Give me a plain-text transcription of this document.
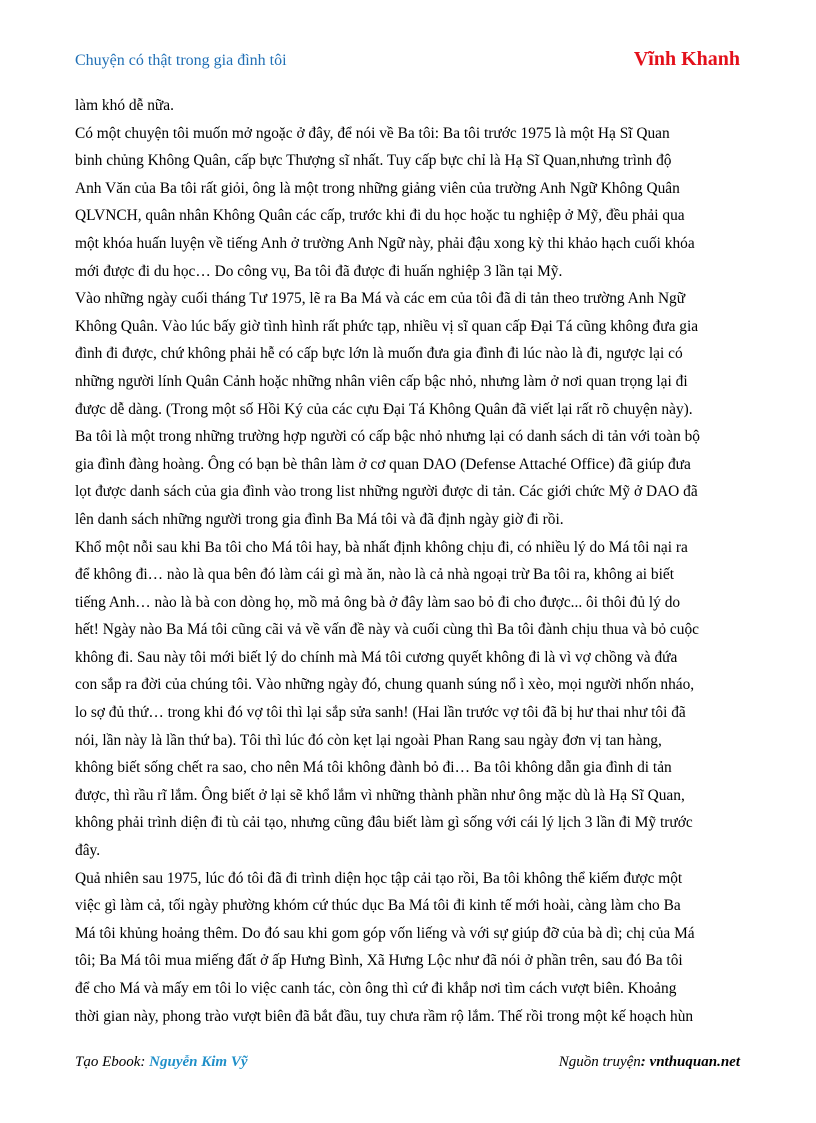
Chuyện có thật trong gia đình tôi	Vĩnh Khanh

làm khó dễ nữa.

Có một chuyện tôi muốn mở ngoặc ở đây, để nói về Ba tôi: Ba tôi trước 1975 là một Hạ Sĩ Quan

binh chủng Không Quân, cấp bực Thượng sĩ nhất. Tuy cấp bực chỉ là Hạ Sĩ Quan,nhưng trình độ

Anh Văn của Ba tôi rất giỏi, ông là một trong những giảng viên của trường Anh Ngữ Không Quân

QLVNCH, quân nhân Không Quân các cấp, trước khi đi du học hoặc tu nghiệp ở Mỹ, đều phải qua

một khóa huấn luyện về tiếng Anh ở trường Anh Ngữ này, phải đậu xong kỳ thi khảo hạch cuối khóa

mới được đi du học… Do công vụ, Ba tôi đã được đi huấn nghiệp 3 lần tại Mỹ.

Vào những ngày cuối tháng Tư 1975, lẽ ra Ba Má và các em của tôi đã di tản theo trường Anh Ngữ

Không Quân. Vào lúc bấy giờ tình hình rất phức tạp, nhiều vị sĩ quan cấp Đại Tá cũng không đưa gia

đình đi được, chứ không phải hễ có cấp bực lớn là muốn đưa gia đình đi lúc nào là đi, ngược lại có

những người lính Quân Cảnh hoặc những nhân viên cấp bậc nhỏ, nhưng làm ở nơi quan trọng lại đi

được dễ dàng. (Trong một số Hồi Ký của các cựu Đại Tá Không Quân đã viết lại rất rõ chuyện này).

Ba tôi là một trong những trường hợp người có cấp bậc nhỏ nhưng lại có danh sách di tản với toàn bộ

gia đình đàng hoàng. Ông có bạn bè thân làm ở cơ quan DAO (Defense Attaché Office) đã giúp đưa

lọt được danh sách của gia đình vào trong list những người được di tản. Các giới chức Mỹ ở DAO đã

lên danh sách những người trong gia đình Ba Má tôi và đã định ngày giờ đi rồi.

Khổ một nỗi sau khi Ba tôi cho Má tôi hay, bà nhất định không chịu đi, có nhiều lý do Má tôi nại ra

để không đi… nào là qua bên đó làm cái gì mà ăn, nào là cả nhà ngoại trừ Ba tôi ra, không ai biết

tiếng Anh… nào là bà con dòng họ, mồ mả ông bà ở đây làm sao bỏ đi cho được... ôi thôi đủ lý do

hết! Ngày nào Ba Má tôi cũng cãi vả về vấn đề này và cuối cùng thì Ba tôi đành chịu thua và bỏ cuộc

không đi. Sau này tôi mới biết lý do chính mà Má tôi cương quyết không đi là vì vợ chồng và đứa

con sắp ra đời của chúng tôi. Vào những ngày đó, chung quanh súng nổ ì xèo, mọi người nhốn nháo,

lo sợ đủ thứ… trong khi đó vợ tôi thì lại sắp sửa sanh! (Hai lần trước vợ tôi đã bị hư thai như tôi đã

nói, lần này là lần thứ ba). Tôi thì lúc đó còn kẹt lại ngoài Phan Rang sau ngày đơn vị tan hàng,

không biết sống chết ra sao, cho nên Má tôi không đành bỏ đi… Ba tôi không dẫn gia đình di tản

được, thì rầu rĩ lắm. Ông biết ở lại sẽ khổ lắm vì những thành phần như ông mặc dù là Hạ Sĩ Quan,

không phải trình diện đi tù cải tạo, nhưng cũng đâu biết làm gì sống với cái lý lịch 3 lần đi Mỹ trước

đây.

Quả nhiên sau 1975, lúc đó tôi đã đi trình diện học tập cải tạo rồi, Ba tôi không thể kiếm được một

việc gì làm cả, tối ngày phường khóm cứ thúc dục Ba Má tôi đi kinh tế mới hoài, càng làm cho Ba

Má tôi khủng hoảng thêm. Do đó sau khi gom góp vốn liếng và với sự giúp đỡ của bà dì; chị của Má

tôi; Ba Má tôi mua miếng đất ở ấp Hưng Bình, Xã Hưng Lộc như đã nói ở phần trên, sau đó Ba tôi

để cho Má và mấy em tôi lo việc canh tác, còn ông thì cứ đi khắp nơi tìm cách vượt biên. Khoảng

thời gian này, phong trào vượt biên đã bắt đầu, tuy chưa rầm rộ lắm. Thế rồi trong một kế hoạch hùn

Tạo Ebook: Nguyễn Kim Vỹ	Nguồn truyện: vnthuquan.net
